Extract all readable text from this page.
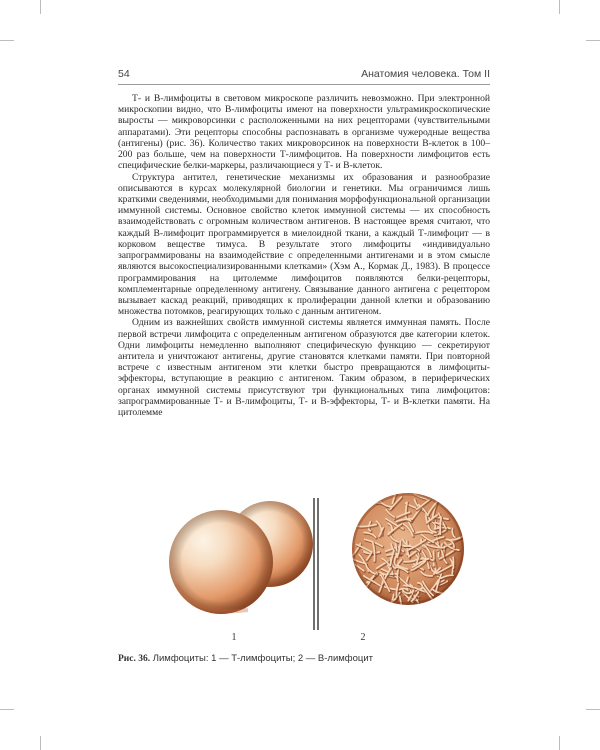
54	Анатомия человека. Том II

Т- и В-лимфоциты в световом микроскопе различить невозможно. При электронной микроскопии видно, что В-лимфоциты имеют на поверхности ультрамикроскопические выросты — микроворсинки с расположенными на них рецепторами (чувствительными аппаратами). Эти рецепторы способны распознавать в организме чужеродные вещества (антигены) (рис. 36). Количество таких микроворсинок на поверхности В-клеток в 100–200 раз больше, чем на поверхности Т-лимфоцитов. На поверхности лимфоцитов есть специфические белки-маркеры, различающиеся у Т- и В-клеток.

Структура антител, генетические механизмы их образования и разнообразие описываются в курсах молекулярной биологии и генетики. Мы ограничимся лишь краткими сведениями, необходимыми для понимания морфофункциональной организации иммунной системы. Основное свойство клеток иммунной системы — их способность взаимодействовать с огромным количеством антигенов. В настоящее время считают, что каждый В-лимфоцит программируется в миелоидной ткани, а каждый Т-лимфоцит — в корковом веществе тимуса. В результате этого лимфоциты «индивидуально запрограммированы на взаимодействие с определенными антигенами и в этом смысле являются высокоспециализированными клетками» (Хэм А., Кормак Д., 1983). В процессе программирования на цитолемме лимфоцитов появляются белки-рецепторы, комплементарные определенному антигену. Связывание данного антигена с рецептором вызывает каскад реакций, приводящих к пролиферации данной клетки и образованию множества потомков, реагирующих только с данным антигеном.

Одним из важнейших свойств иммунной системы является иммунная память. После первой встречи лимфоцита с определенным антигеном образуются две категории клеток. Одни лимфоциты немедленно выполняют специфическую функцию — секретируют антитела и уничтожают антигены, другие становятся клетками памяти. При повторной встрече с известным антигеном эти клетки быстро превращаются в лимфоциты-эффекторы, вступающие в реакцию с антигеном. Таким образом, в периферических органах иммунной системы присутствуют три функциональных типа лимфоцитов: запрограммированные Т- и В-лимфоциты, Т- и В-эффекторы, Т- и В-клетки памяти. На цитолемме

1	2
Рис. 36. Лимфоциты: 1 — Т-лимфоциты; 2 — В-лимфоцит
